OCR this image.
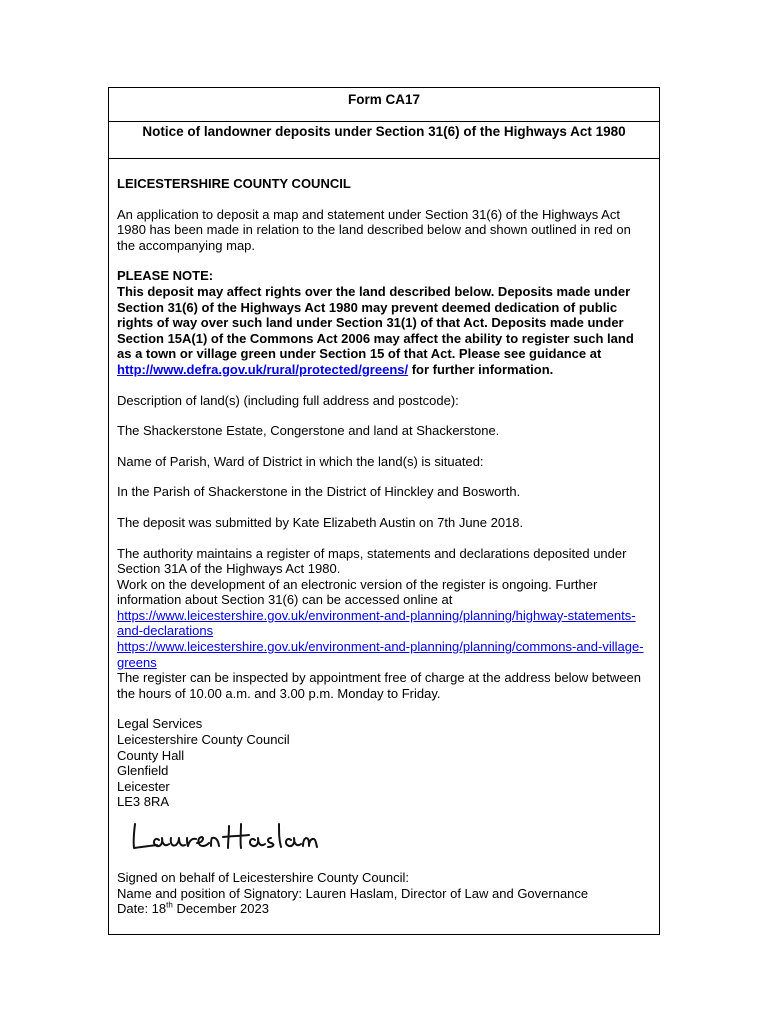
Form CA17
Notice of landowner deposits under Section 31(6) of the Highways Act 1980

LEICESTERSHIRE COUNTY COUNCIL

An application to deposit a map and statement under Section 31(6) of the Highways Act 1980 has been made in relation to the land described below and shown outlined in red on the accompanying map.

PLEASE NOTE:

This deposit may affect rights over the land described below. Deposits made under Section 31(6) of the Highways Act 1980 may prevent deemed dedication of public rights of way over such land under Section 31(1) of that Act. Deposits made under Section 15A(1) of the Commons Act 2006 may affect the ability to register such land as a town or village green under Section 15 of that Act. Please see guidance at http://www.defra.gov.uk/rural/protected/greens/ for further information.

Description of land(s) (including full address and postcode):

The Shackerstone Estate, Congerstone and land at Shackerstone.

Name of Parish, Ward of District in which the land(s) is situated:

In the Parish of Shackerstone in the District of Hinckley and Bosworth.

The deposit was submitted by Kate Elizabeth Austin on 7th June 2018.

The authority maintains a register of maps, statements and declarations deposited under Section 31A of the Highways Act 1980.

Work on the development of an electronic version of the register is ongoing. Further information about Section 31(6) can be accessed online at

https://www.leicestershire.gov.uk/environment-and-planning/planning/highway-statements-and-declarations
https://www.leicestershire.gov.uk/environment-and-planning/planning/commons-and-village-greens

The register can be inspected by appointment free of charge at the address below between the hours of 10.00 a.m. and 3.00 p.m. Monday to Friday.

Legal Services
Leicestershire County Council
County Hall
Glenfield
Leicester
LE3 8RA

Signed on behalf of Leicestershire County Council:

Name and position of Signatory: Lauren Haslam, Director of Law and Governance

Date: 18th December 2023
